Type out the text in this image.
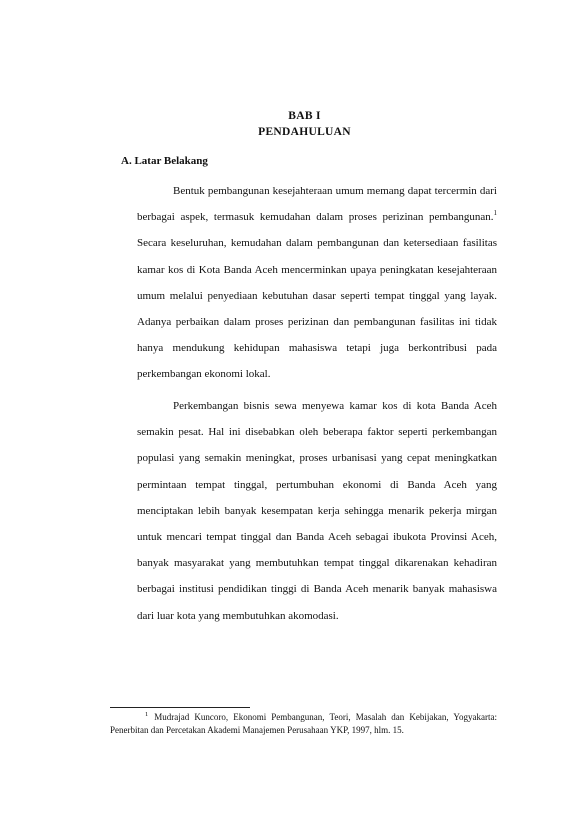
BAB I
PENDAHULUAN
A. Latar Belakang

Bentuk pembangunan kesejahteraan umum memang dapat tercermin dari berbagai aspek, termasuk kemudahan dalam proses perizinan pembangunan.$^1$ Secara keseluruhan, kemudahan dalam pembangunan dan ketersediaan fasilitas kamar kos di Kota Banda Aceh mencerminkan upaya peningkatan kesejahteraan umum melalui penyediaan kebutuhan dasar seperti tempat tinggal yang layak. Adanya perbaikan dalam proses perizinan dan pembangunan fasilitas ini tidak hanya mendukung kehidupan mahasiswa tetapi juga berkontribusi pada perkembangan ekonomi lokal.

Perkembangan bisnis sewa menyewa kamar kos di kota Banda Aceh semakin pesat. Hal ini disebabkan oleh beberapa faktor seperti perkembangan populasi yang semakin meningkat, proses urbanisasi yang cepat meningkatkan permintaan tempat tinggal, pertumbuhan ekonomi di Banda Aceh yang menciptakan lebih banyak kesempatan kerja sehingga menarik pekerja mirgan untuk mencari tempat tinggal dan Banda Aceh sebagai ibukota Provinsi Aceh, banyak masyarakat yang membutuhkan tempat tinggal dikarenakan kehadiran berbagai institusi pendidikan tinggi di Banda Aceh menarik banyak mahasiswa dari luar kota yang membutuhkan akomodasi.

$^1$ Mudrajad Kuncoro, Ekonomi Pembangunan, Teori, Masalah dan Kebijakan, Yogyakarta: Penerbitan dan Percetakan Akademi Manajemen Perusahaan YKP, 1997, hlm. 15.
